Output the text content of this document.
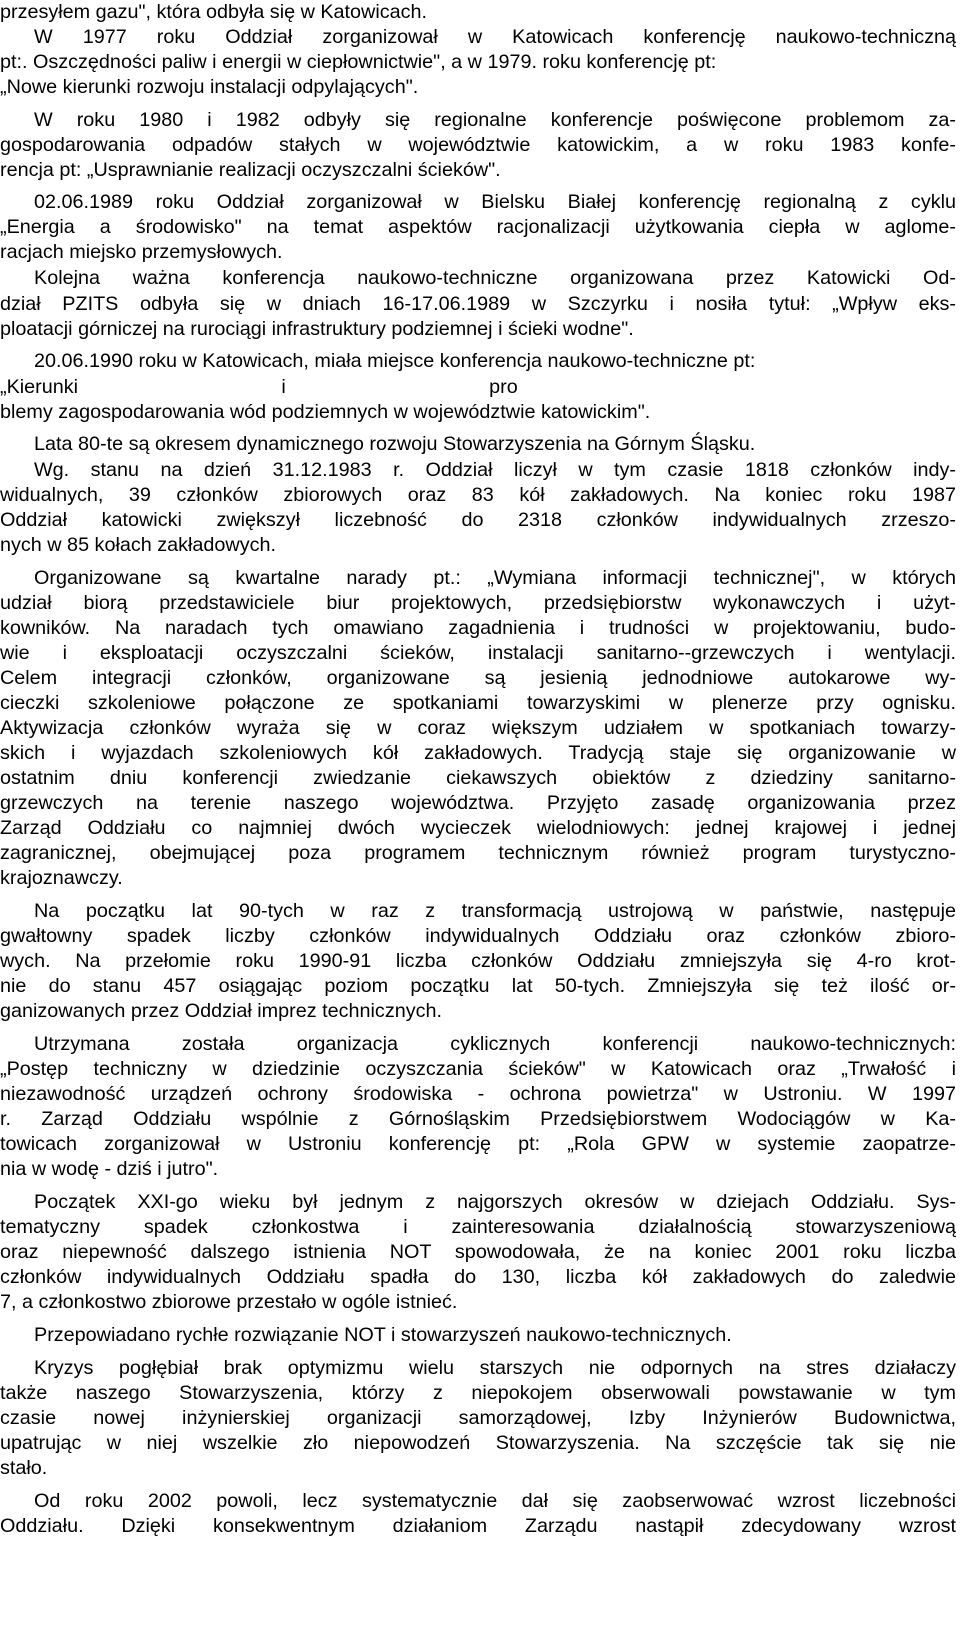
przesyłem gazu", która odbyła się w Katowicach.

W 1977 roku Oddział zorganizował w Katowicach konferencję naukowo-techniczną

pt:. Oszczędności paliw i energii w ciepłownictwie", a w 1979. roku konferencję pt:

„Nowe kierunki rozwoju instalacji odpylających".

W roku 1980 i 1982 odbyły się regionalne konferencje poświęcone problemom za-

gospodarowania odpadów stałych w województwie katowickim, a w roku 1983 konfe-

rencja pt: „Usprawnianie realizacji oczyszczalni ścieków".

02.06.1989 roku Oddział zorganizował w Bielsku Białej konferencję regionalną z cyklu

„Energia a środowisko" na temat aspektów racjonalizacji użytkowania ciepła w aglome-

racjach miejsko przemysłowych.

Kolejna ważna konferencja naukowo-techniczne organizowana przez Katowicki Od-

dział PZITS odbyła się w dniach 16-17.06.1989 w Szczyrku i nosiła tytuł: „Wpływ eks-

ploatacji górniczej na rurociągi infrastruktury podziemnej i ścieki wodne".

20.06.1990 roku w Katowicach, miała miejsce konferencja naukowo-techniczne pt:

„Kierunki                                     i                                     pro

blemy zagospodarowania wód podziemnych w województwie katowickim".

Lata 80-te są okresem dynamicznego rozwoju Stowarzyszenia na Górnym Śląsku.

Wg. stanu na dzień 31.12.1983 r. Oddział liczył w tym czasie 1818 członków indy-

widualnych, 39 członków zbiorowych oraz 83 kół zakładowych. Na koniec roku 1987

Oddział katowicki zwiększył liczebność do 2318 członków indywidualnych zrzeszo-

nych w 85 kołach zakładowych.

Organizowane są kwartalne narady pt.: „Wymiana informacji technicznej", w których

udział biorą przedstawiciele biur projektowych, przedsiębiorstw wykonawczych i użyt-

kowników. Na naradach tych omawiano zagadnienia i trudności w projektowaniu, budo-

wie i eksploatacji oczyszczalni ścieków, instalacji sanitarno--grzewczych i wentylacji.

Celem integracji członków, organizowane są jesienią jednodniowe autokarowe wy-

cieczki szkoleniowe połączone ze spotkaniami towarzyskimi w plenerze przy ognisku.

Aktywizacja członków wyraża się w coraz większym udziałem w spotkaniach towarzy-

skich i wyjazdach szkoleniowych kół zakładowych. Tradycją staje się organizowanie w

ostatnim dniu konferencji zwiedzanie ciekawszych obiektów z dziedziny sanitarno-

grzewczych na terenie naszego województwa. Przyjęto zasadę organizowania przez

Zarząd Oddziału co najmniej dwóch wycieczek wielodniowych: jednej krajowej i jednej

zagranicznej, obejmującej poza programem technicznym również program turystyczno-

krajoznawczy.

Na początku lat 90-tych w raz z transformacją ustrojową w państwie, następuje

gwałtowny spadek liczby członków indywidualnych Oddziału oraz członków zbioro-

wych. Na przełomie roku 1990-91 liczba członków Oddziału zmniejszyła się 4-ro krot-

nie do stanu 457 osiągając poziom początku lat 50-tych. Zmniejszyła się też ilość or-

ganizowanych przez Oddział imprez technicznych.

Utrzymana została organizacja cyklicznych konferencji naukowo-technicznych:

„Postęp techniczny w dziedzinie oczyszczania ścieków" w Katowicach oraz „Trwałość i

niezawodność urządzeń ochrony środowiska - ochrona powietrza" w Ustroniu. W 1997

r. Zarząd Oddziału wspólnie z Górnośląskim Przedsiębiorstwem Wodociągów w Ka-

towicach zorganizował w Ustroniu konferencję pt: „Rola GPW w systemie zaopatrze-

nia w wodę - dziś i jutro".

Początek XXI-go wieku był jednym z najgorszych okresów w dziejach Oddziału. Sys-

tematyczny spadek członkostwa i zainteresowania działalnością stowarzyszeniową

oraz niepewność dalszego istnienia NOT spowodowała, że na koniec 2001 roku liczba

członków indywidualnych Oddziału spadła do 130, liczba kół zakładowych do zaledwie

7, a członkostwo zbiorowe przestało w ogóle istnieć.

Przepowiadano rychłe rozwiązanie NOT i stowarzyszeń naukowo-technicznych.

Kryzys pogłębiał brak optymizmu wielu starszych nie odpornych na stres działaczy

także naszego Stowarzyszenia, którzy z niepokojem obserwowali powstawanie w tym

czasie nowej inżynierskiej organizacji samorządowej, Izby Inżynierów Budownictwa,

upatrując w niej wszelkie zło niepowodzeń Stowarzyszenia. Na szczęście tak się nie

stało.

Od roku 2002 powoli, lecz systematycznie dał się zaobserwować wzrost liczebności

Oddziału. Dzięki konsekwentnym działaniom Zarządu nastąpił zdecydowany wzrost
